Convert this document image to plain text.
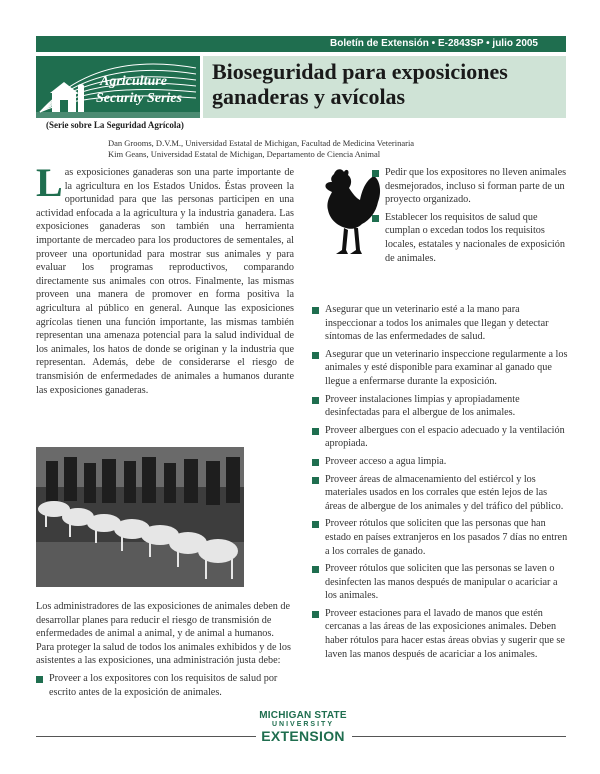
Boletín de Extensión • E-2843SP • julio 2005
Agriculture
Security Series
(Serie sobre La Seguridad Agrícola)
Bioseguridad para exposiciones ganaderas y avícolas
Dan Grooms, D.V.M., Universidad Estatal de Michigan, Facultad de Medicina Veterinaria
Kim Geans, Universidad Estatal de Michigan, Departamento de Ciencia Animal
Las exposiciones ganaderas son una parte importante de la agricultura en los Estados Unidos. Éstas proveen la oportunidad para que las personas participen en una actividad enfocada a la agricultura y la industria ganadera. Las exposiciones ganaderas son también una herramienta importante de mercadeo para los productores de sementales, al proveer una oportunidad para mostrar sus animales y para evaluar los programas reproductivos, comparando directamente sus animales con otros. Finalmente, las mismas proveen una manera de promover en forma positiva la agricultura al público en general. Aunque las exposiciones agrícolas tienen una función importante, las mismas también representan una amenaza potencial para la salud individual de los animales, los hatos de donde se originan y la industria que representan. Además, debe de considerarse el riesgo de transmisión de enfermedades de animales a humanos durante las exposiciones ganaderas.
Los administradores de las exposiciones de animales deben de desarrollar planes para reducir el riesgo de transmisión de enfermedades de animal a animal, y de animal a humanos. Para proteger la salud de todos los animales exhibidos y de los asistentes a las exposiciones, una administración justa debe:
Proveer a los expositores con los requisitos de salud por escrito antes de la exposición de animales.
Pedir que los expositores no lleven animales desmejorados, incluso si forman parte de un proyecto organizado.
Establecer los requisitos de salud que cumplan o excedan todos los requisitos locales, estatales y nacionales de exposición de animales.
Asegurar que un veterinario esté a la mano para inspeccionar a todos los animales que llegan y detectar síntomas de las enfermedades de salud.
Asegurar que un veterinario inspeccione regularmente a los animales y esté disponible para examinar al ganado que llegue a enfermarse durante la exposición.
Proveer instalaciones limpias y apropiadamente desinfectadas para el albergue de los animales.
Proveer albergues con el espacio adecuado y la ventilación apropiada.
Proveer acceso a agua limpia.
Proveer áreas de almacenamiento del estiércol y los materiales usados en los corrales que estén lejos de las áreas de albergue de los animales y del tráfico del público.
Proveer rótulos que soliciten que las personas que han estado en países extranjeros en los pasados 7 días no entren a los corrales de ganado.
Proveer rótulos que soliciten que las personas se laven o desinfecten las manos después de manipular o acariciar a los animales.
Proveer estaciones para el lavado de manos que estén cercanas a las áreas de las exposiciones animales. Deben haber rótulos para hacer estas áreas obvias y sugerir que se laven las manos después de acariciar a los animales.
MICHIGAN STATE
UNIVERSITY
EXTENSION
